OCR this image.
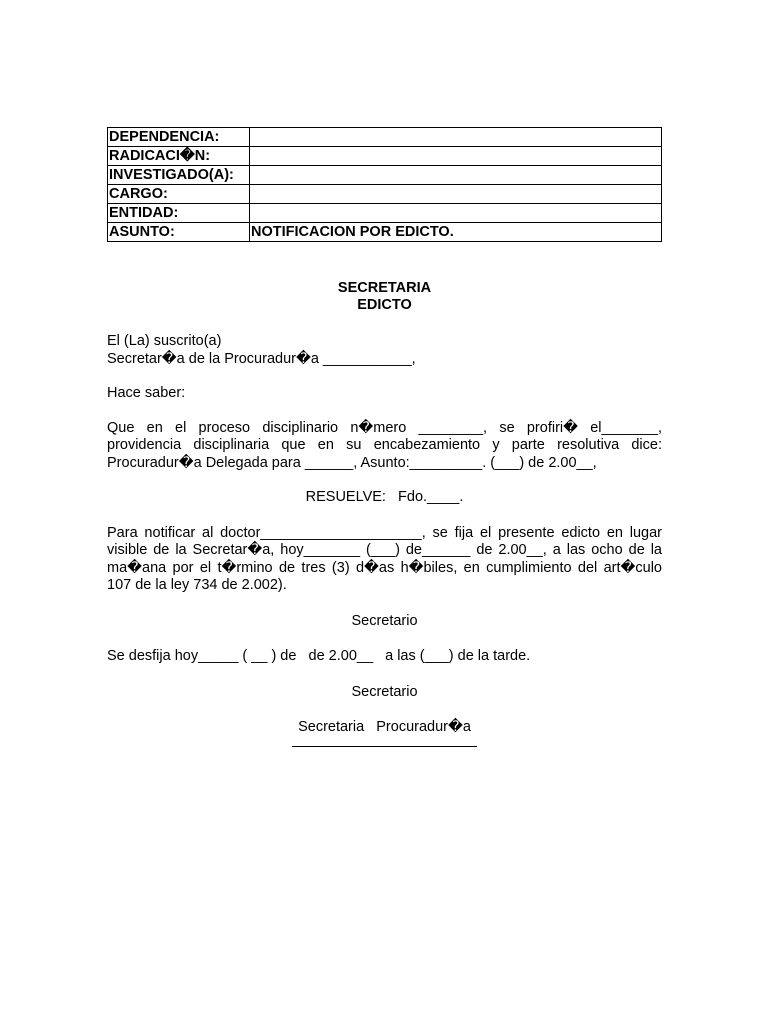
DEPENDENCIA:	
RADICACI�N:	
INVESTIGADO(A):	
CARGO:	
ENTIDAD:	
ASUNTO:	NOTIFICACION POR EDICTO.
SECRETARIA
EDICTO

El (La) suscrito(a)

Secretar�a de la Procuradur�a ___________,

Hace saber:

Que en el proceso disciplinario n�mero ________, se profiri� el_______, providencia disciplinaria que en su encabezamiento y parte resolutiva dice: Procuradur�a Delegada para ______, Asunto:_________. (___) de 2.00__,

RESUELVE:   Fdo.____.

Para notificar al doctor____________________, se fija el presente edicto en lugar visible de la Secretar�a, hoy_______ (___) de______ de 2.00__, a las ocho de la ma�ana por el t�rmino de tres (3) d�as h�biles, en cumplimiento del art�culo 107 de la ley 734 de 2.002).

Secretario

Se desfija hoy_____ ( __ ) de   de 2.00__   a las (___) de la tarde.

Secretario

Secretaria   Procuradur�a
